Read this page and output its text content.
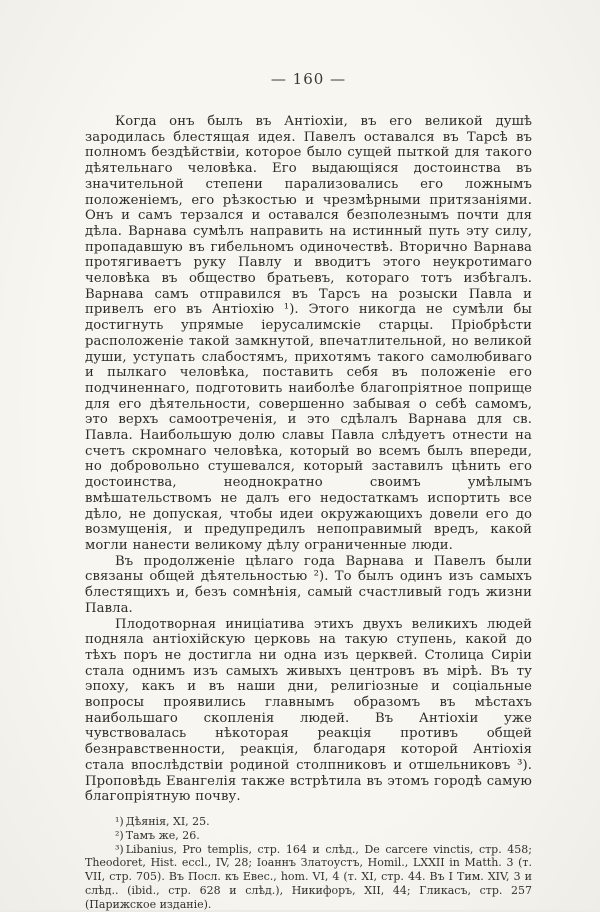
— 160 —

Когда онъ былъ въ Антіохіи, въ его великой душѣ зародилась блестящая идея. Павелъ оставался въ Тарсѣ въ полномъ бездѣйствіи, которое было сущей пыткой для такого дѣятельнаго человѣка. Его выдающіяся достоинства въ значительной степени парализовались его ложнымъ положеніемъ, его рѣзкостью и чрезмѣрными притязаніями. Онъ и самъ терзался и оставался безполезнымъ почти для дѣла. Варнава сумѣлъ направить на истинный путь эту силу, пропадавшую въ гибельномъ одиночествѣ. Вторично Варнава протягиваетъ руку Павлу и вводитъ этого неукротимаго человѣка въ общество братьевъ, котораго тотъ избѣгалъ. Варнава самъ отправился въ Тарсъ на розыски Павла и привелъ его въ Антіохію ¹). Этого никогда не сумѣли бы достигнуть упрямые іерусалимскіе старцы. Пріобрѣсти расположеніе такой замкнутой, впечатлительной, но великой души, уступать слабостямъ, прихотямъ такого самолюбиваго и пылкаго человѣка, поставить себя въ положеніе его подчиненнаго, подготовить наиболѣе благопріятное поприще для его дѣятельности, совершенно забывая о себѣ самомъ, это верхъ самоотреченія, и это сдѣлалъ Варнава для св. Павла. Наибольшую долю славы Павла слѣдуетъ отнести на счетъ скромнаго человѣка, который во всемъ былъ впереди, но добровольно стушевался, который заставилъ цѣнить его достоинства, неоднократно своимъ умѣлымъ вмѣшательствомъ не далъ его недостаткамъ испортить все дѣло, не допуская, чтобы идеи окружающихъ довели его до возмущенія, и предупредилъ непоправимый вредъ, какой могли нанести великому дѣлу ограниченные люди.

Въ продолженіе цѣлаго года Варнава и Павелъ были связаны общей дѣятельностью ²). То былъ одинъ изъ самыхъ блестящихъ и, безъ сомнѣнія, самый счастливый годъ жизни Павла.

Плодотворная иниціатива этихъ двухъ великихъ людей подняла антіохійскую церковь на такую ступень, какой до тѣхъ поръ не достигла ни одна изъ церквей. Столица Сиріи стала однимъ изъ самыхъ живыхъ центровъ въ мірѣ. Въ ту эпоху, какъ и въ наши дни, религіозные и соціальные вопросы проявились главнымъ образомъ въ мѣстахъ наибольшаго скопленія людей. Въ Антіохіи уже чувствовалась нѣкоторая реакція противъ общей безнравственности, реакція, благодаря которой Антіохія стала впослѣдствіи родиной столпниковъ и отшельниковъ ³). Проповѣдь Евангелія также встрѣтила въ этомъ городѣ самую благопріятную почву.

¹) Дѣянія, XI, 25.

²) Тамъ же, 26.

³) Libanius, Pro templis, стр. 164 и слѣд., De carcere vinctis, стр. 458; Theodoret, Hist. eccl., IV, 28; Іоаннъ Златоустъ, Homil., LXXII in Matth. 3 (т. VII, стр. 705). Въ Посл. къ Евес., hom. VI, 4 (т. XI, стр. 44. Въ I Тим. XIV, 3 и слѣд.. (ibid., стр. 628 и слѣд.), Никифоръ, XII, 44; Гликасъ, стр. 257 (Парижское изданіе).
